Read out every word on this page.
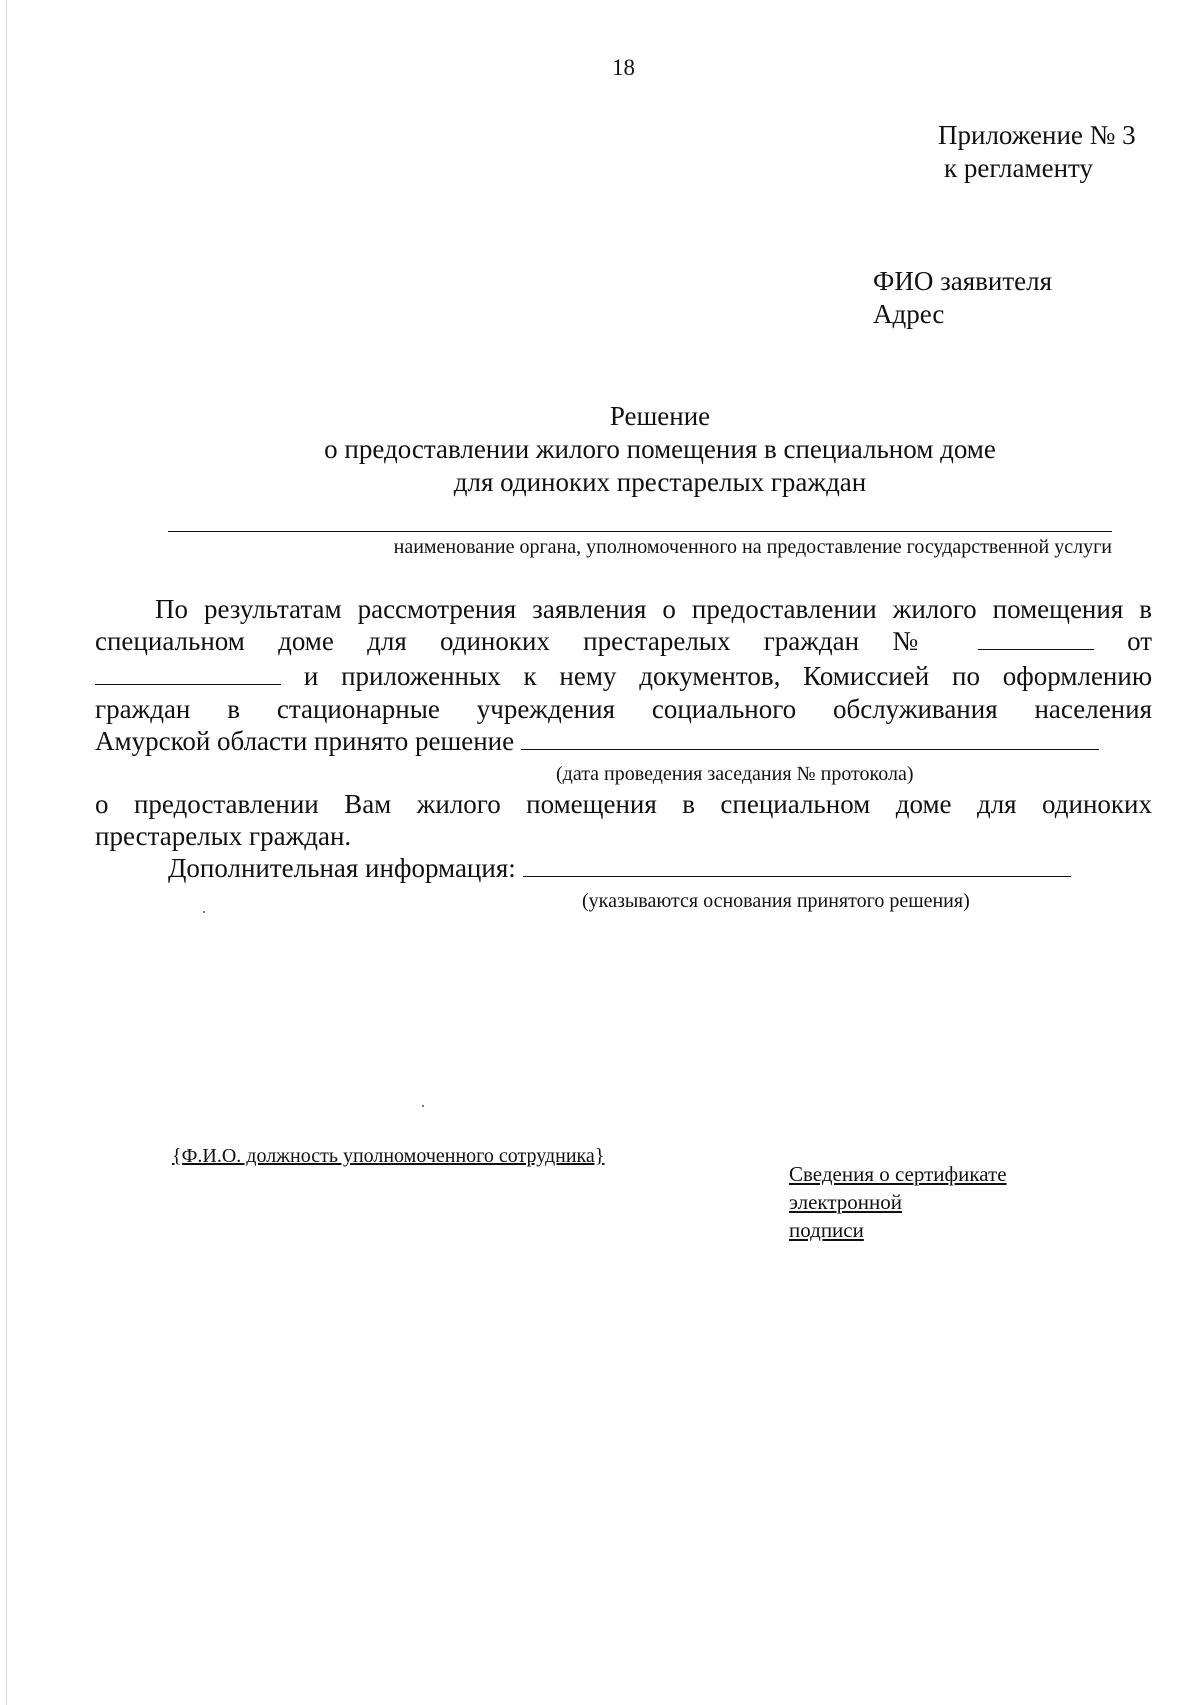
18
Приложение № 3
к регламенту
ФИО заявителя
Адрес
Решение
о предоставлении жилого помещения в специальном доме
для одиноких престарелых граждан
наименование органа, уполномоченного на предоставление государственной услуги
По результатам рассмотрения заявления о предоставлении жилого помещения в
специальном доме для одиноких престарелых граждан №	от
и приложенных к нему документов, Комиссией по оформлению
граждан в стационарные учреждения социального обслуживания населения
Амурской области принято решение
(дата проведения заседания № протокола)
о предоставлении Вам жилого помещения в специальном доме для одиноких
престарелых граждан.
Дополнительная информация:
(указываются основания принятого решения)
{Ф.И.О. должность уполномоченного сотрудника}
Сведения о сертификате
электронной
подписи
